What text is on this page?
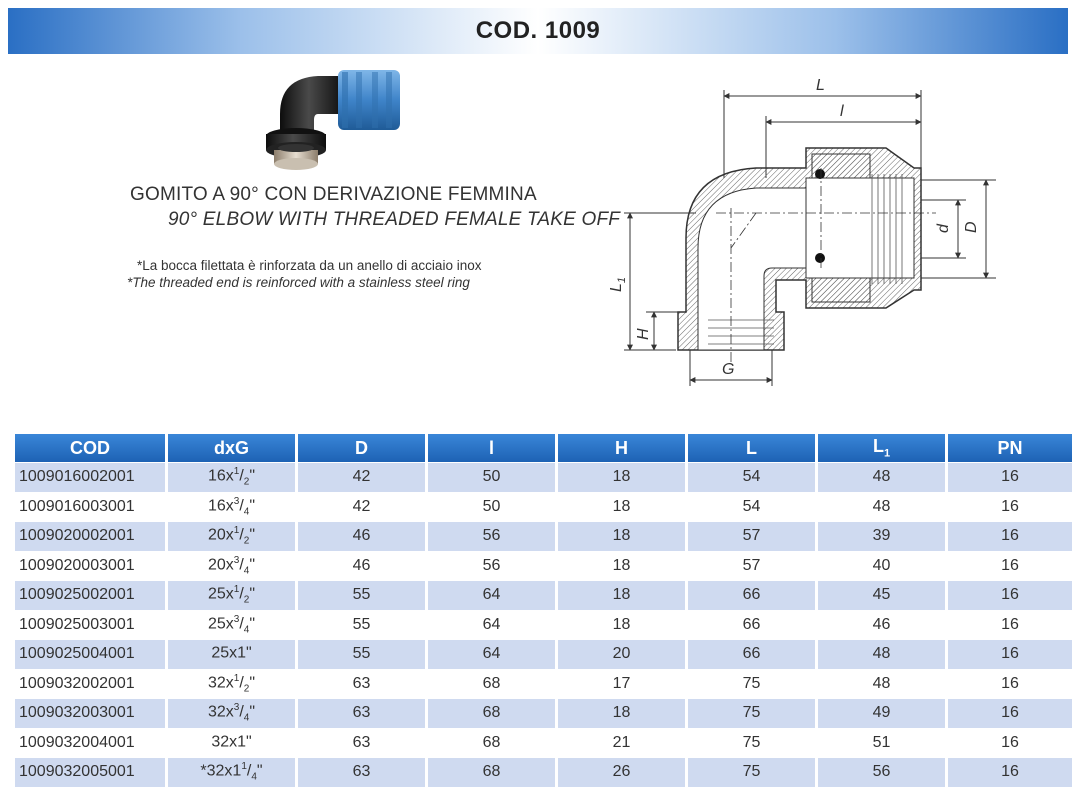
COD. 1009
GOMITO A 90° CON DERIVAZIONE FEMMINA
90° ELBOW WITH THREADED FEMALE TAKE OFF
*La bocca filettata è rinforzata da un anello di acciaio inox
*The threaded end is reinforced with a stainless steel ring
L
l
D
d
$L_1$
H
G
COD	dxG	D	l	H	L	$L_1$	PN
1009016002001	$16x^1/_2$"	42	50	18	54	48	16
1009016003001	$16x^3/_4$"	42	50	18	54	48	16
1009020002001	$20x^1/_2$"	46	56	18	57	39	16
1009020003001	$20x^3/_4$"	46	56	18	57	40	16
1009025002001	$25x^1/_2$"	55	64	18	66	45	16
1009025003001	$25x^3/_4$"	55	64	18	66	46	16
1009025004001	25x1"	55	64	20	66	48	16
1009032002001	$32x^1/_2$"	63	68	17	75	48	16
1009032003001	$32x^3/_4$"	63	68	18	75	49	16
1009032004001	32x1"	63	68	21	75	51	16
1009032005001	$*32x1^1/_4$"	63	68	26	75	56	16
